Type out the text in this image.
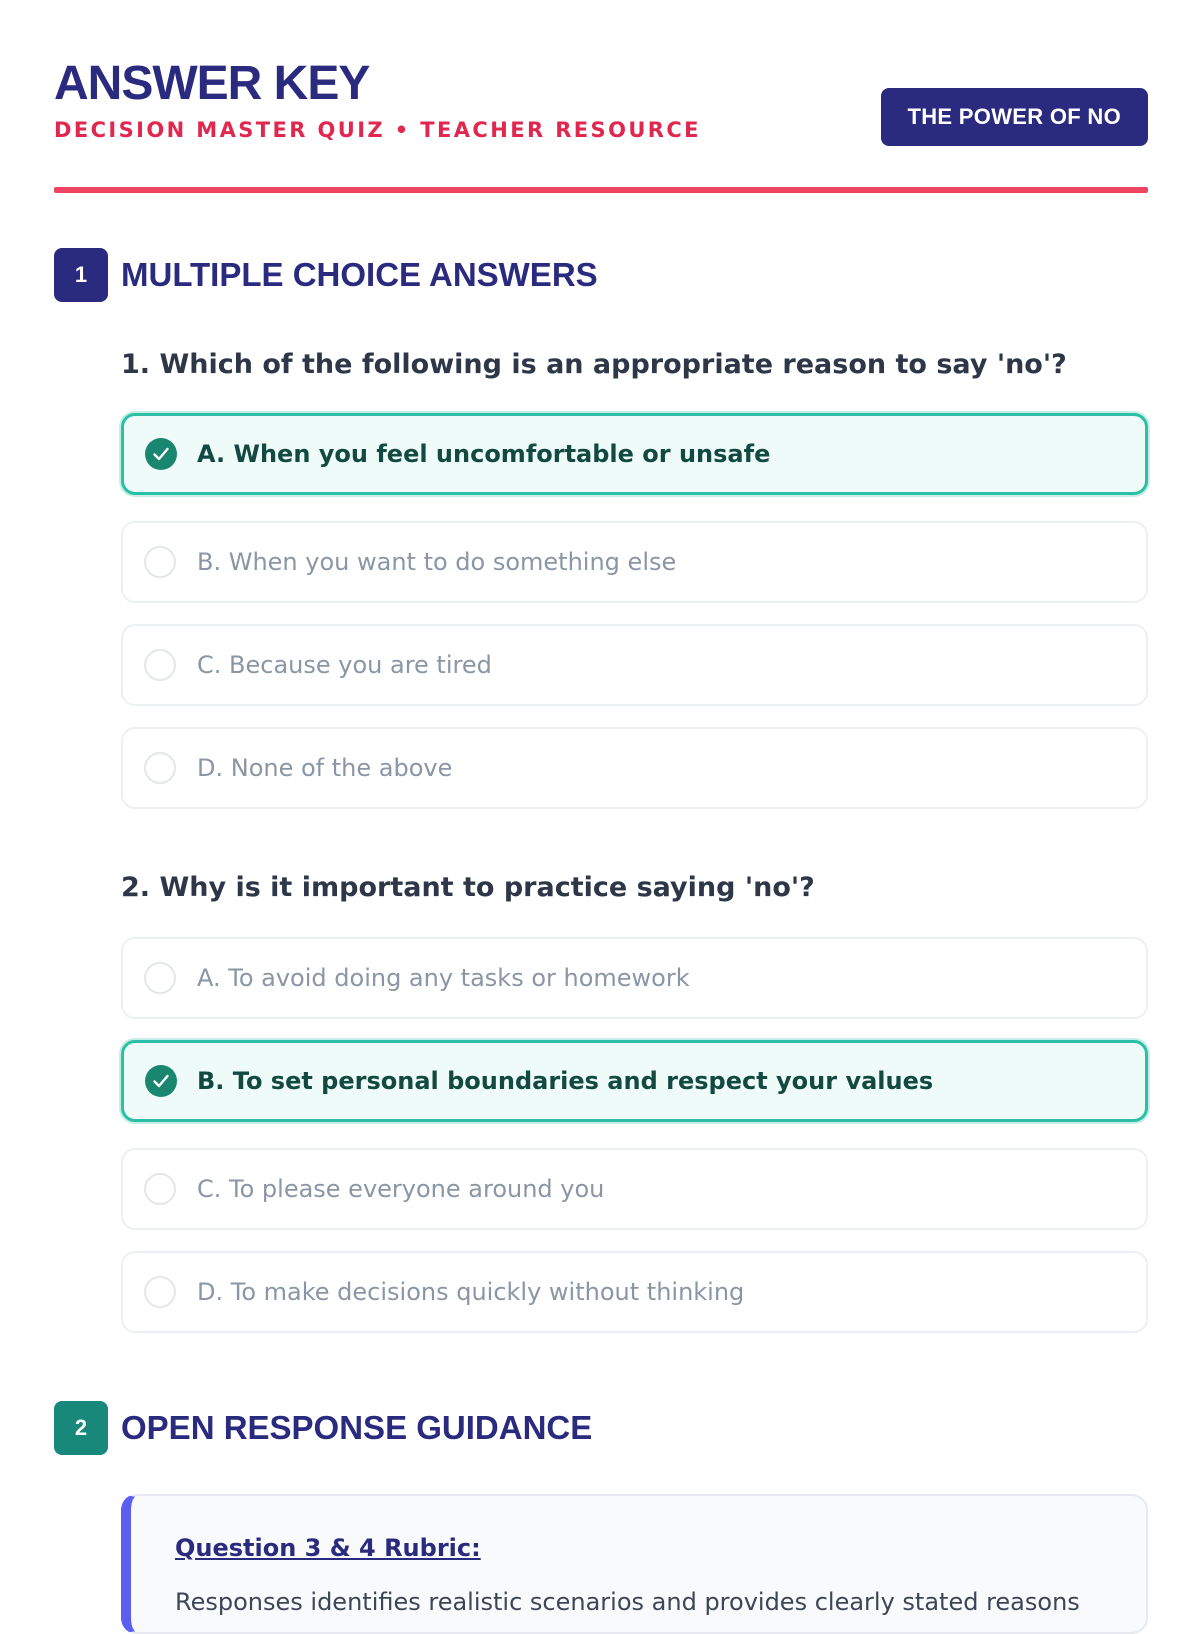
ANSWER KEY
DECISION MASTER QUIZ • TEACHER RESOURCE
THE POWER OF NO
1	MULTIPLE CHOICE ANSWERS
1. Which of the following is an appropriate reason to say 'no'?
A. When you feel uncomfortable or unsafe
B. When you want to do something else
C. Because you are tired
D. None of the above
2. Why is it important to practice saying 'no'?
A. To avoid doing any tasks or homework
B. To set personal boundaries and respect your values
C. To please everyone around you
D. To make decisions quickly without thinking
2	OPEN RESPONSE GUIDANCE
Question 3 & 4 Rubric:
Responses identifies realistic scenarios and provides clearly stated reasons
